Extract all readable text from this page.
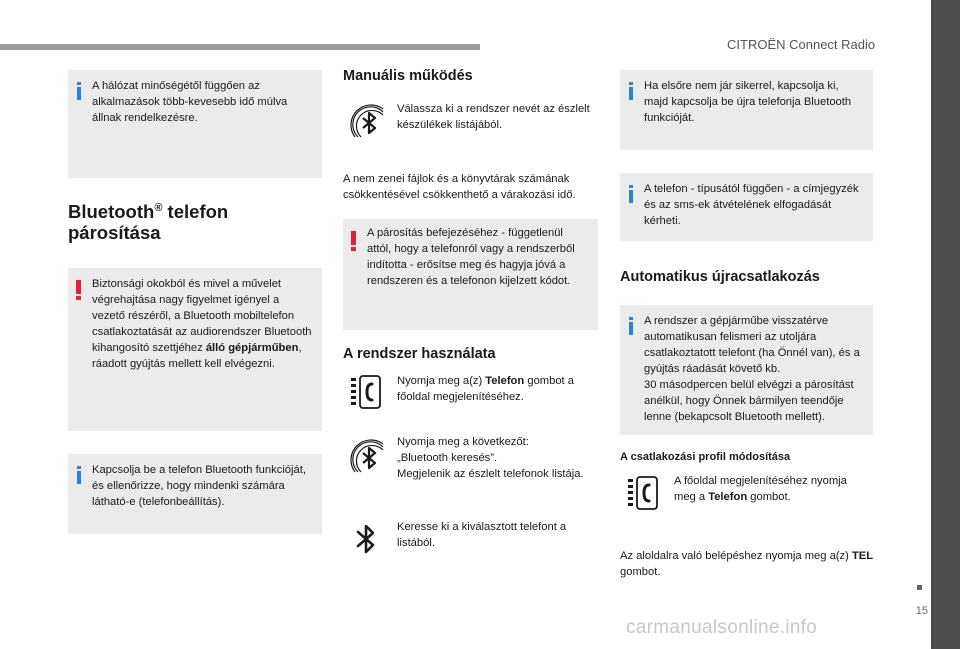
CITROËN Connect Radio
15
carmanualsonline.info
A hálózat minőségétől függően az alkalmazások több-kevesebb idő múlva állnak rendelkezésre.
Bluetooth® telefon
párosítása
Biztonsági okokból és mivel a művelet végrehajtása nagy figyelmet igényel a vezető részéről, a Bluetooth mobiltelefon csatlakoztatását az audiorendszer Bluetooth kihangosító szettjéhez álló gépjárműben, ráadott gyújtás mellett kell elvégezni.
Kapcsolja be a telefon Bluetooth funkcióját, és ellenőrizze, hogy mindenki számára látható-e (telefonbeállítás).
Manuális működés
Válassza ki a rendszer nevét az észlelt készülékek listájából.
A nem zenei fájlok és a könyvtárak számának csökkentésével csökkenthető a várakozási idő.
A párosítás befejezéséhez - függetlenül attól, hogy a telefonról vagy a rendszerből indította - erősítse meg és hagyja jóvá a rendszeren és a telefonon kijelzett kódot.
A rendszer használata
Nyomja meg a(z) Telefon gombot a főoldal megjelenítéséhez.
Nyomja meg a következőt:
„Bluetooth keresés”.
Megjelenik az észlelt telefonok listája.
Keresse ki a kiválasztott telefont a listából.
Ha elsőre nem jár sikerrel, kapcsolja ki, majd kapcsolja be újra telefonja Bluetooth funkcióját.
A telefon - típusától függően - a címjegyzék és az sms-ek átvételének elfogadását kérheti.
Automatikus újracsatlakozás
A rendszer a gépjárműbe visszatérve automatikusan felismeri az utoljára csatlakoztatott telefont (ha Önnél van), és a gyújtás ráadását követő kb.
30 másodpercen belül elvégzi a párosítást anélkül, hogy Önnek bármilyen teendője lenne (bekapcsolt Bluetooth mellett).
A csatlakozási profil módosítása
A főoldal megjelenítéséhez nyomja meg a Telefon gombot.
Az aloldalra való belépéshez nyomja meg a(z) TEL gombot.
